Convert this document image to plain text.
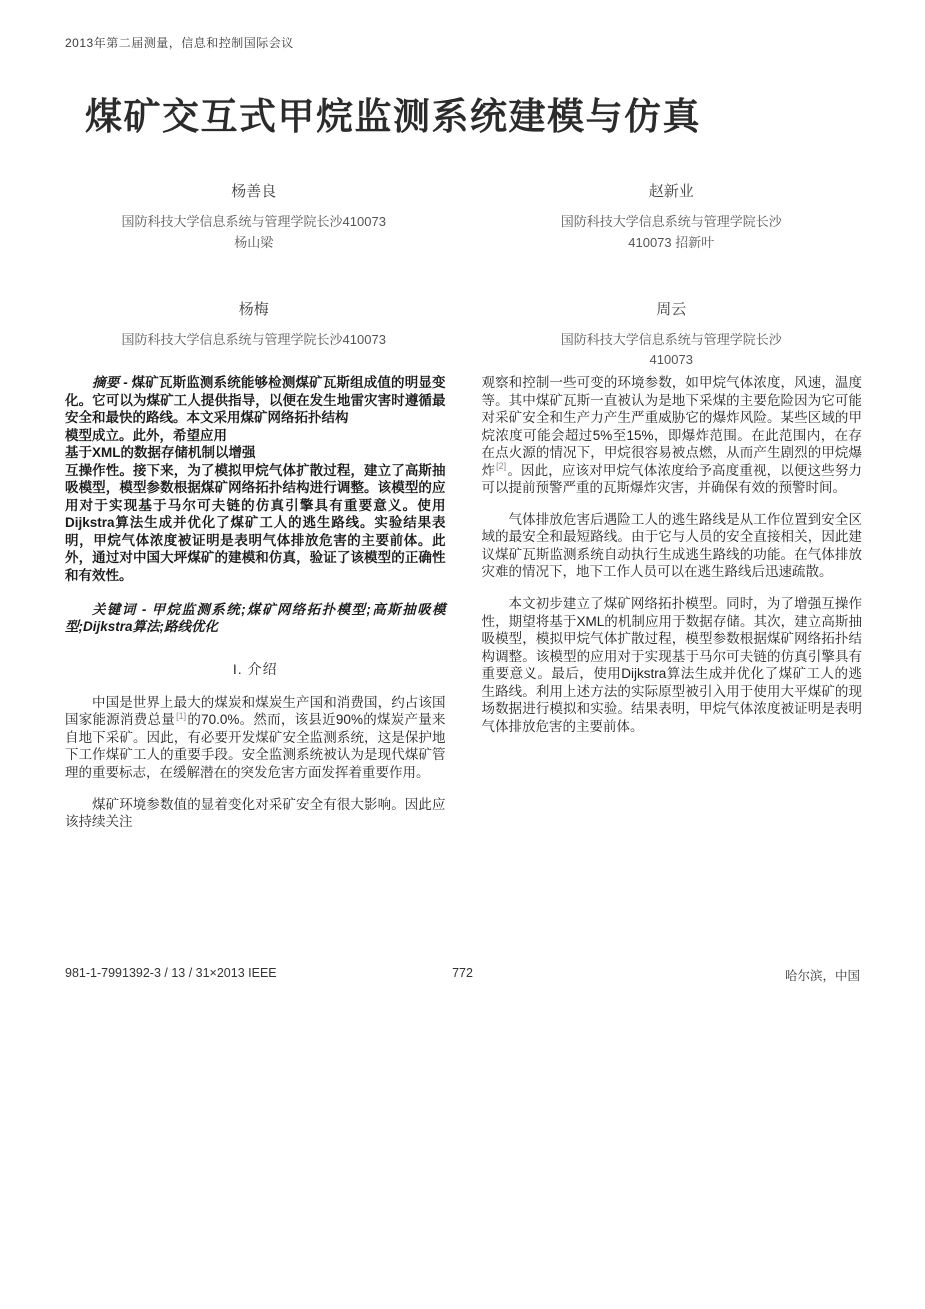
2013年第二届测量，信息和控制国际会议
煤矿交互式甲烷监测系统建模与仿真
杨善良
国防科技大学信息系统与管理学院长沙410073
杨山梁
赵新业
国防科技大学信息系统与管理学院长沙
410073 招新叶
杨梅
国防科技大学信息系统与管理学院长沙410073
周云
国防科技大学信息系统与管理学院长沙
410073

摘要 - 煤矿瓦斯监测系统能够检测煤矿瓦斯组成值的明显变化。它可以为煤矿工人提供指导，以便在发生地雷灾害时遵循最安全和最快的路线。本文采用煤矿网络拓扑结构

模型成立。此外，希望应用
基于XML的数据存储机制以增强
互操作性。接下来，为了模拟甲烷气体扩散过程，建立了高斯抽吸模型，模型参数根据煤矿网络拓扑结构进行调整。该模型的应用对于实现基于马尔可夫链的仿真引擎具有重要意义。使用Dijkstra算法生成并优化了煤矿工人的逃生路线。实验结果表明，甲烷气体浓度被证明是表明气体排放危害的主要前体。此外，通过对中国大坪煤矿的建模和仿真，验证了该模型的正确性和有效性。

关键词 - 甲烷监测系统;煤矿网络拓扑模型;高斯抽吸模型;Dijkstra算法;路线优化

I. 介绍

中国是世界上最大的煤炭和煤炭生产国和消费国，约占该国国家能源消费总量[1]的70.0%。然而，该县近90%的煤炭产量来自地下采矿。因此，有必要开发煤矿安全监测系统，这是保护地下工作煤矿工人的重要手段。安全监测系统被认为是现代煤矿管理的重要标志，在缓解潜在的突发危害方面发挥着重要作用。

煤矿环境参数值的显着变化对采矿安全有很大影响。因此应该持续关注

观察和控制一些可变的环境参数，如甲烷气体浓度，风速，温度等。其中煤矿瓦斯一直被认为是地下采煤的主要危险因为它可能对采矿安全和生产力产生严重威胁它的爆炸风险。某些区域的甲烷浓度可能会超过5%至15%，即爆炸范围。在此范围内，在存在点火源的情况下，甲烷很容易被点燃，从而产生剧烈的甲烷爆炸[2]。因此，应该对甲烷气体浓度给予高度重视，以便这些努力可以提前预警严重的瓦斯爆炸灾害，并确保有效的预警时间。

气体排放危害后遇险工人的逃生路线是从工作位置到安全区域的最安全和最短路线。由于它与人员的安全直接相关，因此建议煤矿瓦斯监测系统自动执行生成逃生路线的功能。在气体排放灾难的情况下，地下工作人员可以在逃生路线后迅速疏散。

本文初步建立了煤矿网络拓扑模型。同时，为了增强互操作性，期望将基于XML的机制应用于数据存储。其次，建立高斯抽吸模型，模拟甲烷气体扩散过程，模型参数根据煤矿网络拓扑结构调整。该模型的应用对于实现基于马尔可夫链的仿真引擎具有重要意义。最后，使用Dijkstra算法生成并优化了煤矿工人的逃生路线。利用上述方法的实际原型被引入用于使用大平煤矿的现场数据进行模拟和实验。结果表明，甲烷气体浓度被证明是表明气体排放危害的主要前体。

772
981-1-7991392-3 / 13 / 31×2013 IEEE	哈尔滨，中国
